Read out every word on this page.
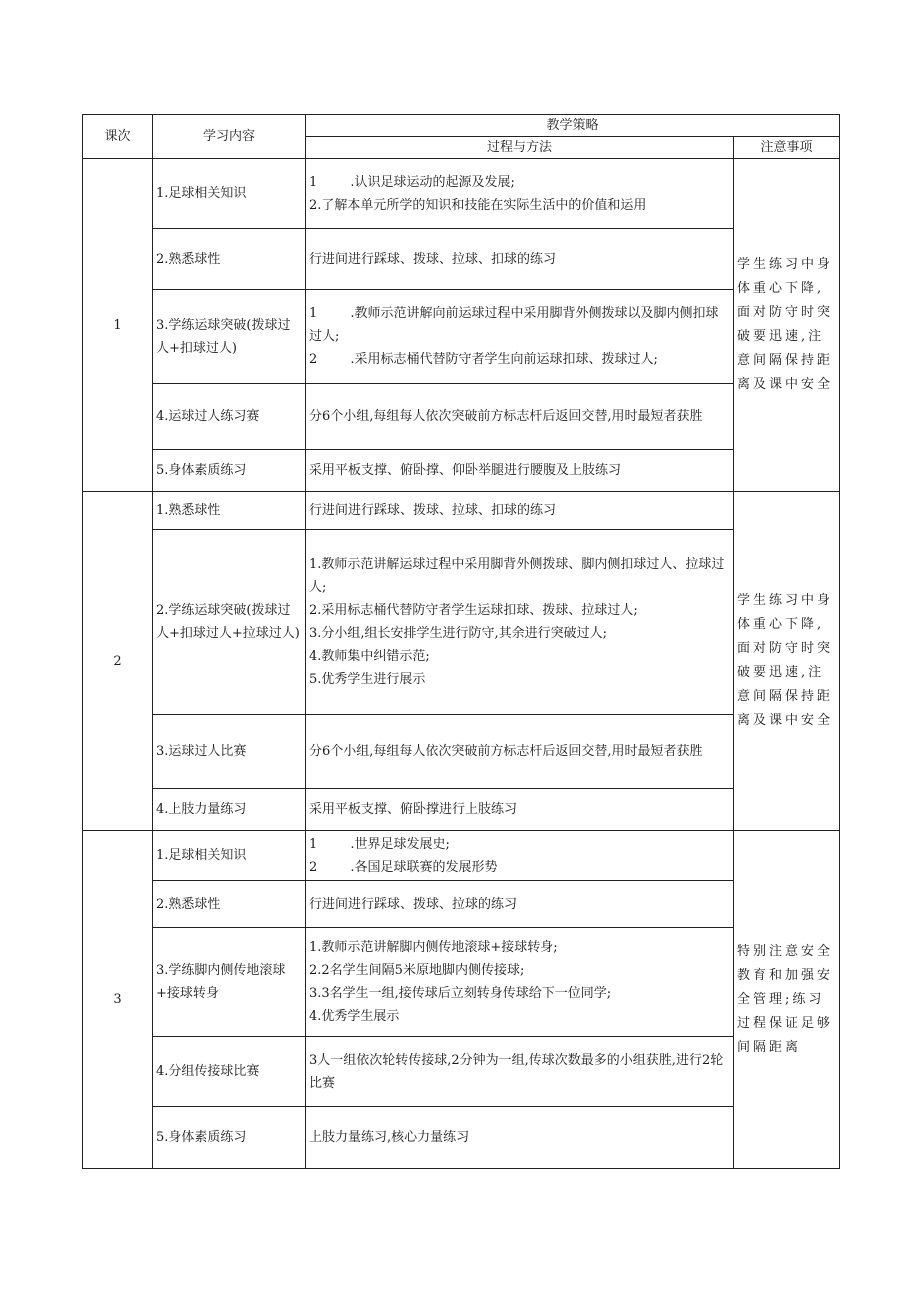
课次	学习内容	教学策略	
		过程与方法	注意事项
1	1.足球相关知识	1        .认识足球运动的起源及发展;
2.了解本单元所学的知识和技能在实际生活中的价值和运用	学生练习中身体重心下降,面对防守时突破要迅速,注意间隔保持距离及课中安全
	2.熟悉球性	行进间进行踩球、拨球、拉球、扣球的练习	

	3.学练运球突破(拨球过人+扣球过人)	1        .教师示范讲解向前运球过程中采用脚背外侧拨球以及脚内侧扣球过人;
2        .采用标志桶代替防守者学生向前运球扣球、拨球过人;	

	4.运球过人练习赛	分6个小组,每组每人依次突破前方标志杆后返回交替,用时最短者获胜	

	5.身体素质练习	采用平板支撑、俯卧撑、仰卧举腿进行腰腹及上肢练习	

2	1.熟悉球性	行进间进行踩球、拨球、拉球、扣球的练习	学生练习中身体重心下降,面对防守时突破要迅速,注意间隔保持距离及课中安全
	2.学练运球突破(拨球过人+扣球过人+拉球过人)	1.教师示范讲解运球过程中采用脚背外侧拨球、脚内侧扣球过人、拉球过人;
2.采用标志桶代替防守者学生运球扣球、拨球、拉球过人;
3.分小组,组长安排学生进行防守,其余进行突破过人;
4.教师集中纠错示范;
5.优秀学生进行展示	

	3.运球过人比赛	分6个小组,每组每人依次突破前方标志杆后返回交替,用时最短者获胜	

	4.上肢力量练习	采用平板支撑、俯卧撑进行上肢练习	

3	1.足球相关知识	1        .世界足球发展史;
2        .各国足球联赛的发展形势	特别注意安全教育和加强安全管理;练习过程保证足够间隔距离
	2.熟悉球性	行进间进行踩球、拨球、拉球的练习	

	3.学练脚内侧传地滚球+接球转身	1.教师示范讲解脚内侧传地滚球+接球转身;
2.2名学生间隔5米原地脚内侧传接球;
3.3名学生一组,接传球后立刻转身传球给下一位同学;
4.优秀学生展示	

	4.分组传接球比赛	3人一组依次轮转传接球,2分钟为一组,传球次数最多的小组获胜,进行2轮比赛	

	5.身体素质练习	上肢力量练习,核心力量练习	
